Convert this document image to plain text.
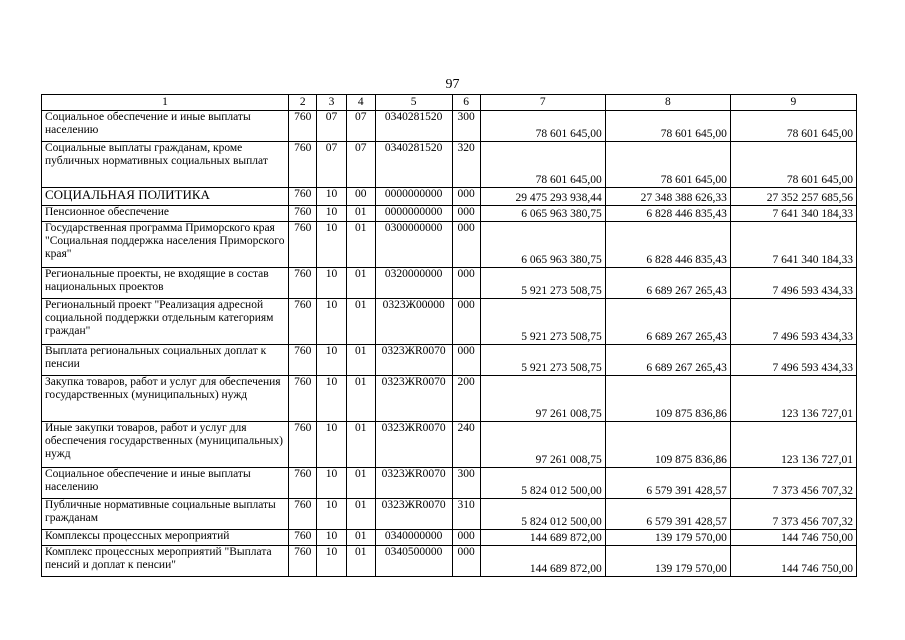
97
1	2	3	4	5	6	7	8	9
Социальное обеспечение и иные выплаты населению	760	07	07	0340281520	300	78 601 645,00	78 601 645,00	78 601 645,00
Социальные выплаты гражданам, кроме публичных нормативных социальных выплат	760	07	07	0340281520	320	78 601 645,00	78 601 645,00	78 601 645,00
СОЦИАЛЬНАЯ ПОЛИТИКА	760	10	00	0000000000	000	29 475 293 938,44	27 348 388 626,33	27 352 257 685,56
Пенсионное обеспечение	760	10	01	0000000000	000	6 065 963 380,75	6 828 446 835,43	7 641 340 184,33
Государственная программа Приморского края "Социальная поддержка населения Приморского края"	760	10	01	0300000000	000	6 065 963 380,75	6 828 446 835,43	7 641 340 184,33
Региональные проекты, не входящие в состав национальных проектов	760	10	01	0320000000	000	5 921 273 508,75	6 689 267 265,43	7 496 593 434,33
Региональный проект "Реализация адресной социальной поддержки отдельным категориям граждан"	760	10	01	0323Ж00000	000	5 921 273 508,75	6 689 267 265,43	7 496 593 434,33
Выплата региональных социальных доплат к пенсии	760	10	01	0323ЖR0070	000	5 921 273 508,75	6 689 267 265,43	7 496 593 434,33
Закупка товаров, работ и услуг для обеспечения государственных (муниципальных) нужд	760	10	01	0323ЖR0070	200	97 261 008,75	109 875 836,86	123 136 727,01
Иные закупки товаров, работ и услуг для обеспечения государственных (муниципальных) нужд	760	10	01	0323ЖR0070	240	97 261 008,75	109 875 836,86	123 136 727,01
Социальное обеспечение и иные выплаты населению	760	10	01	0323ЖR0070	300	5 824 012 500,00	6 579 391 428,57	7 373 456 707,32
Публичные нормативные социальные выплаты гражданам	760	10	01	0323ЖR0070	310	5 824 012 500,00	6 579 391 428,57	7 373 456 707,32
Комплексы процессных мероприятий	760	10	01	0340000000	000	144 689 872,00	139 179 570,00	144 746 750,00
Комплекс процессных мероприятий "Выплата пенсий и доплат к пенсии"	760	10	01	0340500000	000	144 689 872,00	139 179 570,00	144 746 750,00
